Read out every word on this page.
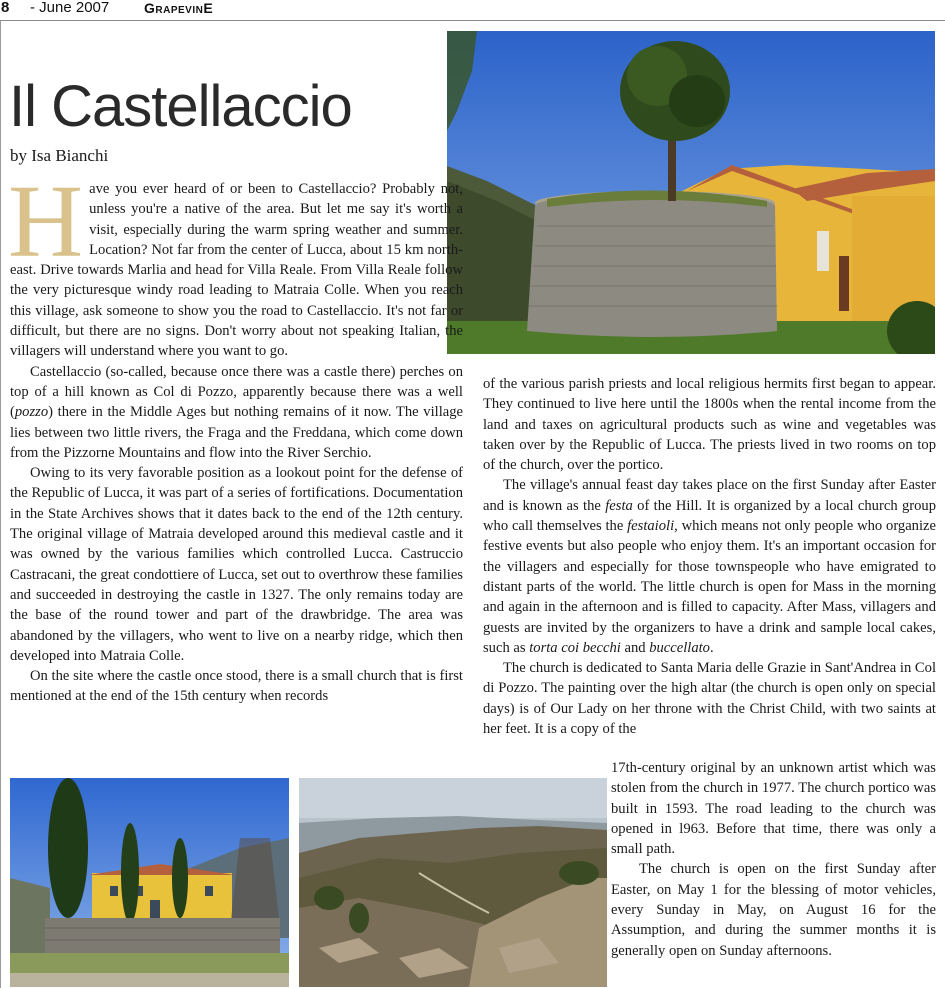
8 - June 2007 GrapevinE
Il Castellaccio
by Isa Bianchi

Have you ever heard of or been to Castellaccio? Probably not, unless you're a native of the area. But let me say it's worth a visit, especially during the warm spring weather and summer. Location? Not far from the center of Lucca, about 15 km north-east. Drive towards Marlia and head for Villa Reale. From Villa Reale follow the very picturesque windy road leading to Matraia Colle. When you reach this village, ask someone to show you the road to Castellaccio. It's not far or difficult, but there are no signs. Don't worry about not speaking Italian, the villagers will understand where you want to go.

Castellaccio (so-called, because once there was a castle there) perches on top of a hill known as Col di Pozzo, apparently because there was a well (pozzo) there in the Middle Ages but nothing remains of it now. The village lies between two little rivers, the Fraga and the Freddana, which come down from the Pizzorne Mountains and flow into the River Serchio.

Owing to its very favorable position as a lookout point for the defense of the Republic of Lucca, it was part of a series of fortifications. Documentation in the State Archives shows that it dates back to the end of the 12th century. The original village of Matraia developed around this medieval castle and it was owned by the various families which controlled Lucca. Castruccio Castracani, the great condottiere of Lucca, set out to overthrow these families and succeeded in destroying the castle in 1327. The only remains today are the base of the round tower and part of the drawbridge. The area was abandoned by the villagers, who went to live on a nearby ridge, which then developed into Matraia Colle.

On the site where the castle once stood, there is a small church that is first mentioned at the end of the 15th century when records

of the various parish priests and local religious hermits first began to appear. They continued to live here until the 1800s when the rental income from the land and taxes on agricultural products such as wine and vegetables was taken over by the Republic of Lucca. The priests lived in two rooms on top of the church, over the portico.

The village's annual feast day takes place on the first Sunday after Easter and is known as the festa of the Hill. It is organized by a local church group who call themselves the festaioli, which means not only people who organize festive events but also people who enjoy them. It's an important occasion for the villagers and especially for those townspeople who have emigrated to distant parts of the world. The little church is open for Mass in the morning and again in the afternoon and is filled to capacity. After Mass, villagers and guests are invited by the organizers to have a drink and sample local cakes, such as torta coi becchi and buccellato.

The church is dedicated to Santa Maria delle Grazie in Sant'Andrea in Col di Pozzo. The painting over the high altar (the church is open only on special days) is of Our Lady on her throne with the Christ Child, with two saints at her feet. It is a copy of the

17th-century original by an unknown artist which was stolen from the church in 1977. The church portico was built in 1593. The road leading to the church was opened in l963. Before that time, there was only a small path.

The church is open on the first Sunday after Easter, on May 1 for the blessing of motor vehicles, every Sunday in May, on August 16 for the Assumption, and during the summer months it is generally open on Sunday afternoons.
